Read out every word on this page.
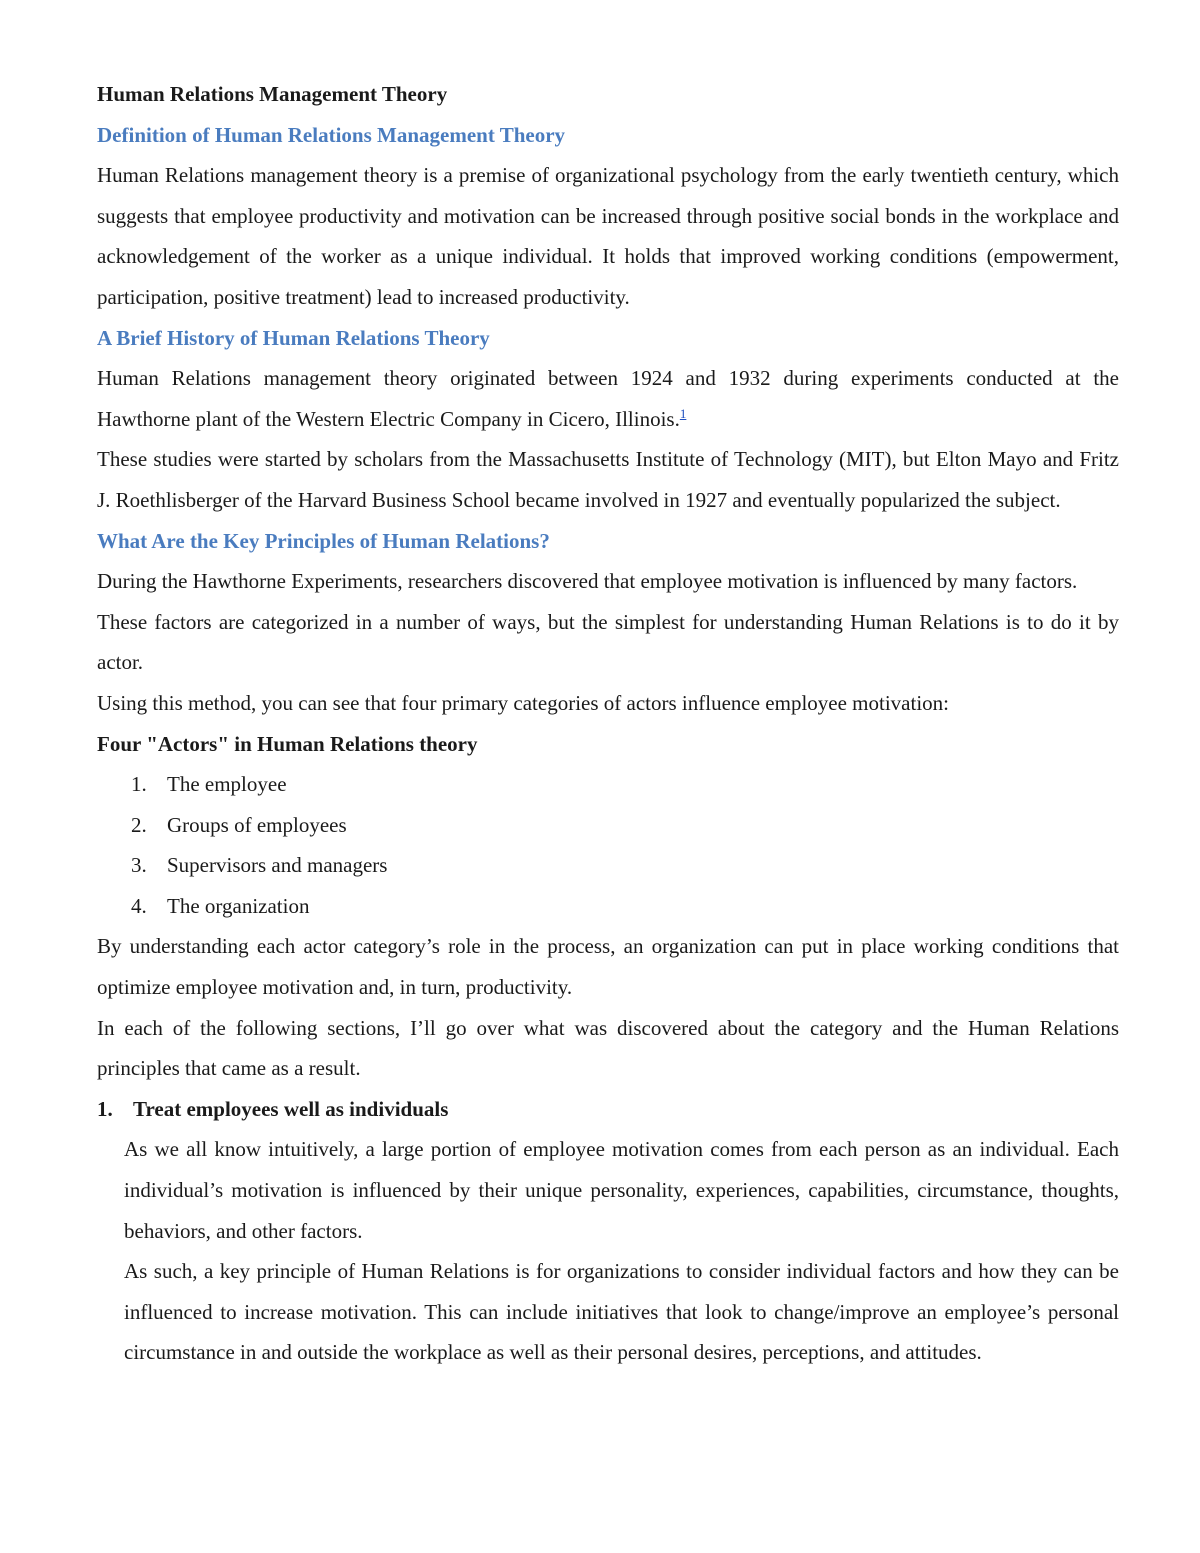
Human Relations Management Theory

Definition of Human Relations Management Theory

Human Relations management theory is a premise of organizational psychology from the early twentieth century, which suggests that employee productivity and motivation can be increased through positive social bonds in the workplace and acknowledgement of the worker as a unique individual. It holds that improved working conditions (empowerment, participation, positive treatment) lead to increased productivity.

A Brief History of Human Relations Theory

Human Relations management theory originated between 1924 and 1932 during experiments conducted at the Hawthorne plant of the Western Electric Company in Cicero, Illinois.$^1$

These studies were started by scholars from the Massachusetts Institute of Technology (MIT), but Elton Mayo and Fritz J. Roethlisberger of the Harvard Business School became involved in 1927 and eventually popularized the subject.

What Are the Key Principles of Human Relations?

During the Hawthorne Experiments, researchers discovered that employee motivation is influenced by many factors.

These factors are categorized in a number of ways, but the simplest for understanding Human Relations is to do it by actor.

Using this method, you can see that four primary categories of actors influence employee motivation:

Four "Actors" in Human Relations theory

1. The employee
2. Groups of employees
3. Supervisors and managers
4. The organization

By understanding each actor category’s role in the process, an organization can put in place working conditions that optimize employee motivation and, in turn, productivity.

In each of the following sections, I’ll go over what was discovered about the category and the Human Relations principles that came as a result.

1. Treat employees well as individuals

As we all know intuitively, a large portion of employee motivation comes from each person as an individual. Each individual’s motivation is influenced by their unique personality, experiences, capabilities, circumstance, thoughts, behaviors, and other factors.

As such, a key principle of Human Relations is for organizations to consider individual factors and how they can be influenced to increase motivation. This can include initiatives that look to change/improve an employee’s personal circumstance in and outside the workplace as well as their personal desires, perceptions, and attitudes.
